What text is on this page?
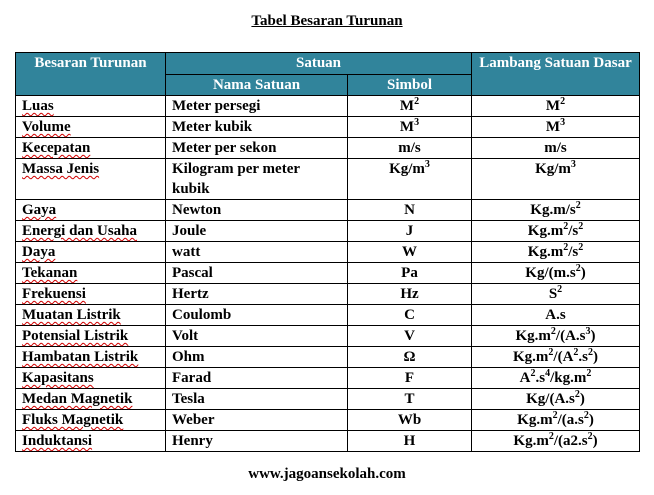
Tabel Besaran Turunan
Besaran Turunan	Satuan		Lambang Satuan Dasar
	Nama Satuan	Simbol	
Luas	Meter persegi	$M^2$	$M^2$
Volume	Meter kubik	$M^3$	$M^3$
Kecepatan	Meter per sekon	m/s	m/s
Massa Jenis	Kilogram per meter kubik	$Kg/m^3$	$Kg/m^3$
Gaya	Newton	N	$Kg.m/s^2$
Energi dan Usaha	Joule	J	$Kg.m^2/s^2$
Daya	watt	W	$Kg.m^2/s^2$
Tekanan	Pascal	Pa	$Kg/(m.s^2)$
Frekuensi	Hertz	Hz	$S^2$
Muatan Listrik	Coulomb	C	A.s
Potensial Listrik	Volt	V	$Kg.m^2/(A.s^3)$
Hambatan Listrik	Ohm	Ω	$Kg.m^2/(A^2.s^2)$
Kapasitans	Farad	F	$A^2.s^4/kg.m^2$
Medan Magnetik	Tesla	T	$Kg/(A.s^2)$
Fluks Magnetik	Weber	Wb	$Kg.m^2/(a.s^2)$
Induktansi	Henry	H	$Kg.m^2/(a2.s^2)$
www.jagoansekolah.com
